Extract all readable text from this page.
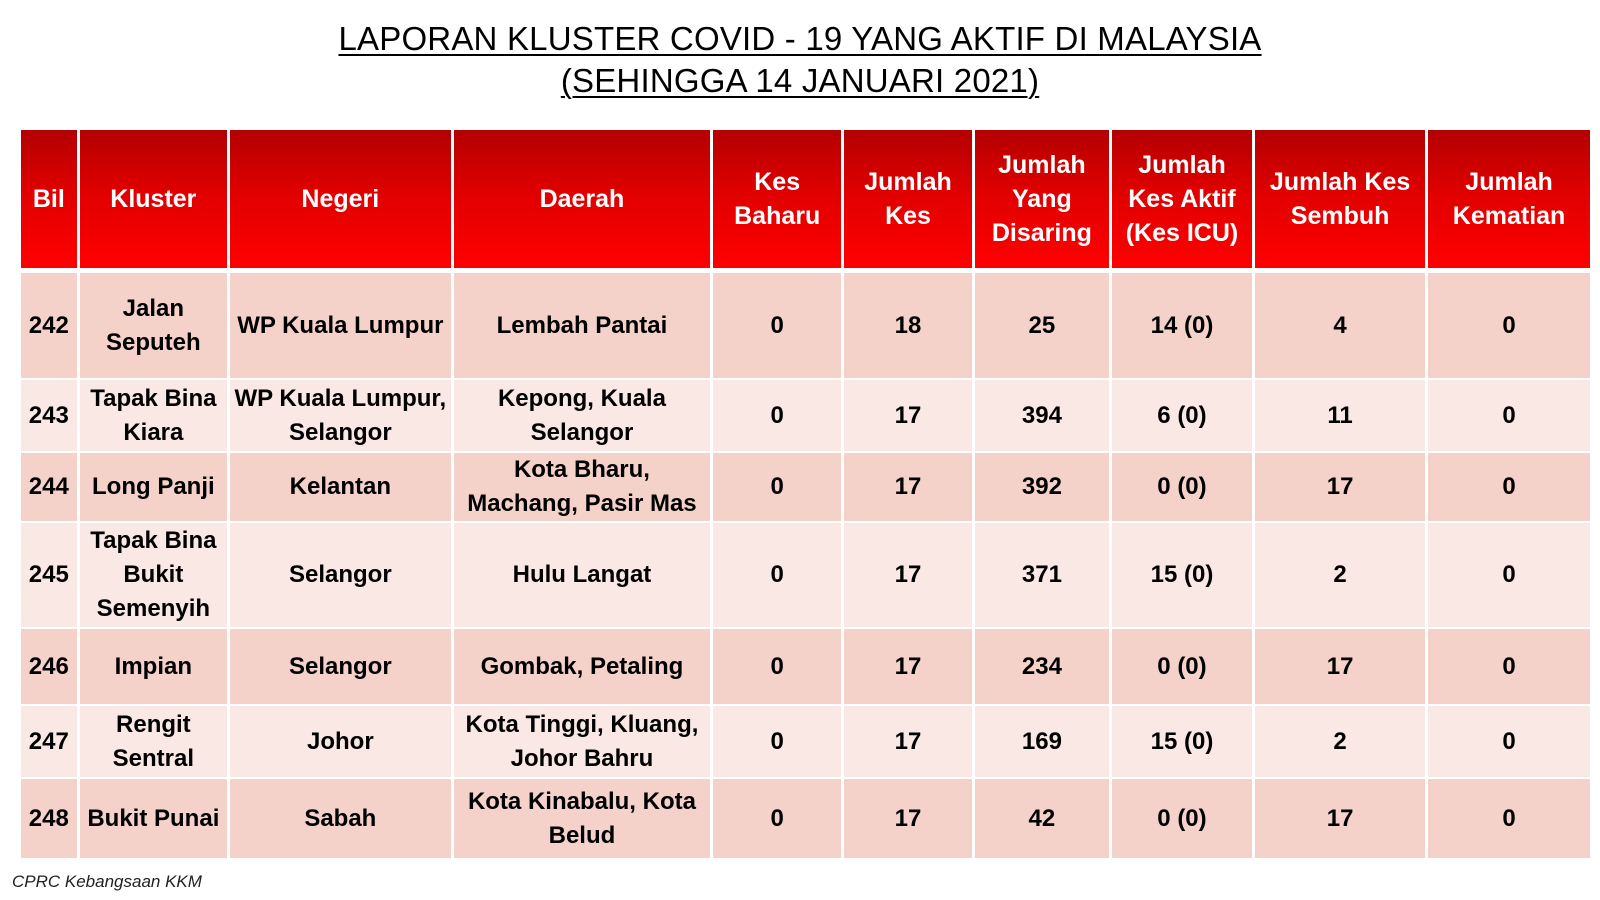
LAPORAN KLUSTER COVID - 19 YANG AKTIF DI MALAYSIA
(SEHINGGA 14 JANUARI 2021)
Bil	Kluster	Negeri	Daerah	Kes Baharu	Jumlah Kes	Jumlah Yang Disaring	Jumlah Kes Aktif (Kes ICU)	Jumlah Kes Sembuh	Jumlah Kematian
242	Jalan Seputeh	WP Kuala Lumpur	Lembah Pantai	0	18	25	14 (0)	4	0
243	Tapak Bina Kiara	WP Kuala Lumpur, Selangor	Kepong, Kuala Selangor	0	17	394	6 (0)	11	0
244	Long Panji	Kelantan	Kota Bharu, Machang, Pasir Mas	0	17	392	0 (0)	17	0
245	Tapak Bina Bukit Semenyih	Selangor	Hulu Langat	0	17	371	15 (0)	2	0
246	Impian	Selangor	Gombak, Petaling	0	17	234	0 (0)	17	0
247	Rengit Sentral	Johor	Kota Tinggi, Kluang, Johor Bahru	0	17	169	15 (0)	2	0
248	Bukit Punai	Sabah	Kota Kinabalu, Kota Belud	0	17	42	0 (0)	17	0
CPRC Kebangsaan KKM
